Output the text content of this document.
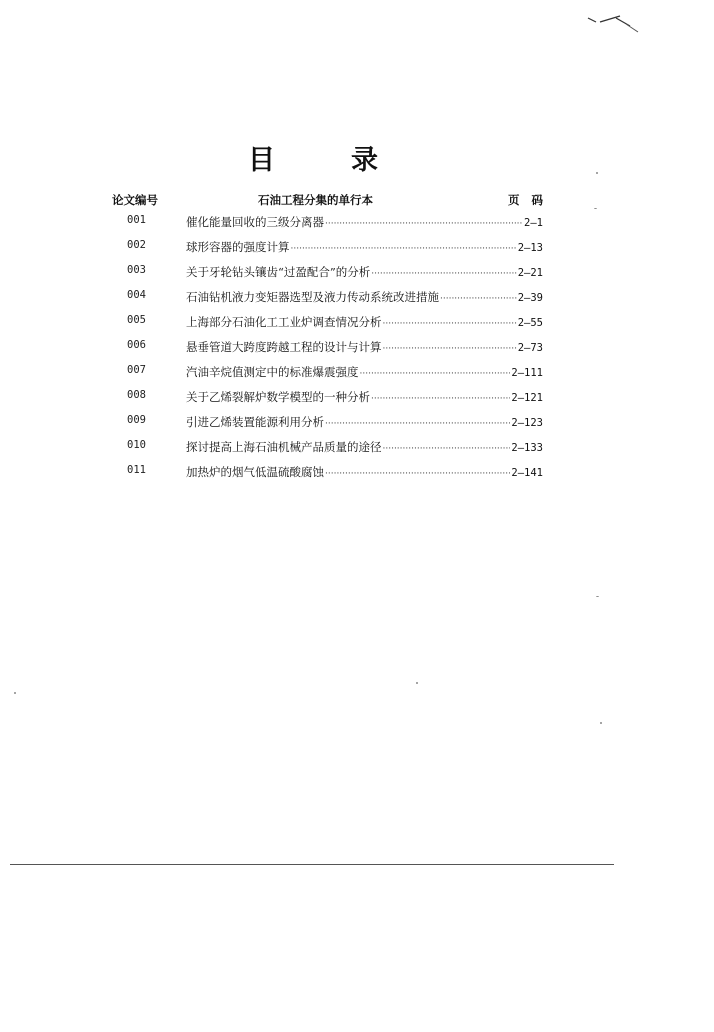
目	录
论文编号	石油工程分集的单行本	页 码
001	催化能量回收的三级分离器 ·····	2—1
002	球形容器的强度计算 ·····	2—13
003	关于牙轮钻头镶齿“过盈配合”的分析 ·····	2—21
004	石油钻机液力变矩器选型及液力传动系统改进措施 ·····	2—39
005	上海部分石油化工工业炉调查情况分析 ·····	2—55
006	悬垂管道大跨度跨越工程的设计与计算 ·····	2—73
007	汽油辛烷值测定中的标准爆震强度 ·····	2—111
008	关于乙烯裂解炉数学模型的一种分析 ·····	2—121
009	引进乙烯装置能源利用分析 ·····	2—123
010	探讨提高上海石油机械产品质量的途径 ·····	2—133
011	加热炉的烟气低温硫酸腐蚀 ·····	2—141
